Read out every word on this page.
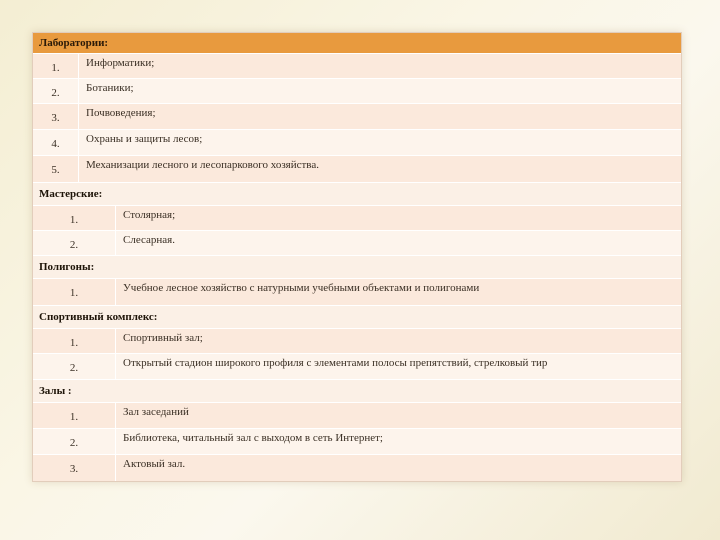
Лаборатории:
1.	Информатики;
2.	Ботаники;
3.	Почвоведения;
4.	Охраны и защиты лесов;
5.	Механизации лесного и лесопаркового хозяйства.
Мастерские:
1.	Столярная;
2.	Слесарная.
Полигоны:
1.	Учебное лесное хозяйство с натурными учебными объектами и полигонами
Спортивный комплекс:
1.	Спортивный зал;
2.	Открытый стадион широкого профиля с элементами полосы препятствий, стрелковый тир
Залы :
1.	Зал заседаний
2.	Библиотека, читальный зал с выходом в сеть Интернет;
3.	Актовый зал.
